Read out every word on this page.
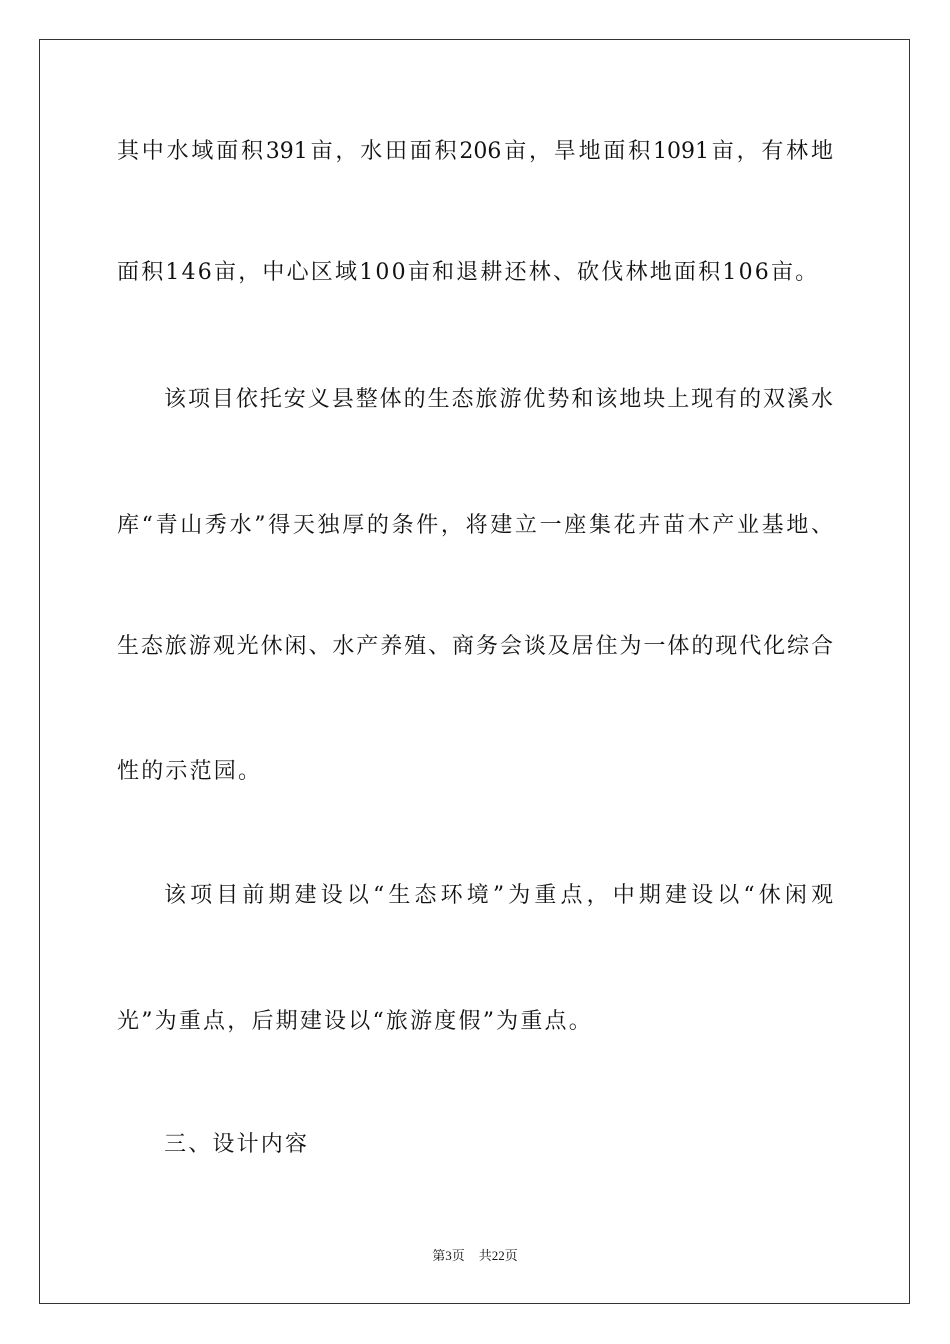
其中水域面积391亩，水田面积206亩，旱地面积1091亩，有林地
面积146亩，中心区域100亩和退耕还林、砍伐林地面积106亩。
该项目依托安义县整体的生态旅游优势和该地块上现有的双溪水
库“青山秀水”得天独厚的条件，将建立一座集花卉苗木产业基地、
生态旅游观光休闲、水产养殖、商务会谈及居住为一体的现代化综合
性的示范园。
该项目前期建设以“生态环境”为重点，中期建设以“休闲观
光”为重点，后期建设以“旅游度假”为重点。
三、设计内容
第3页 共22页
